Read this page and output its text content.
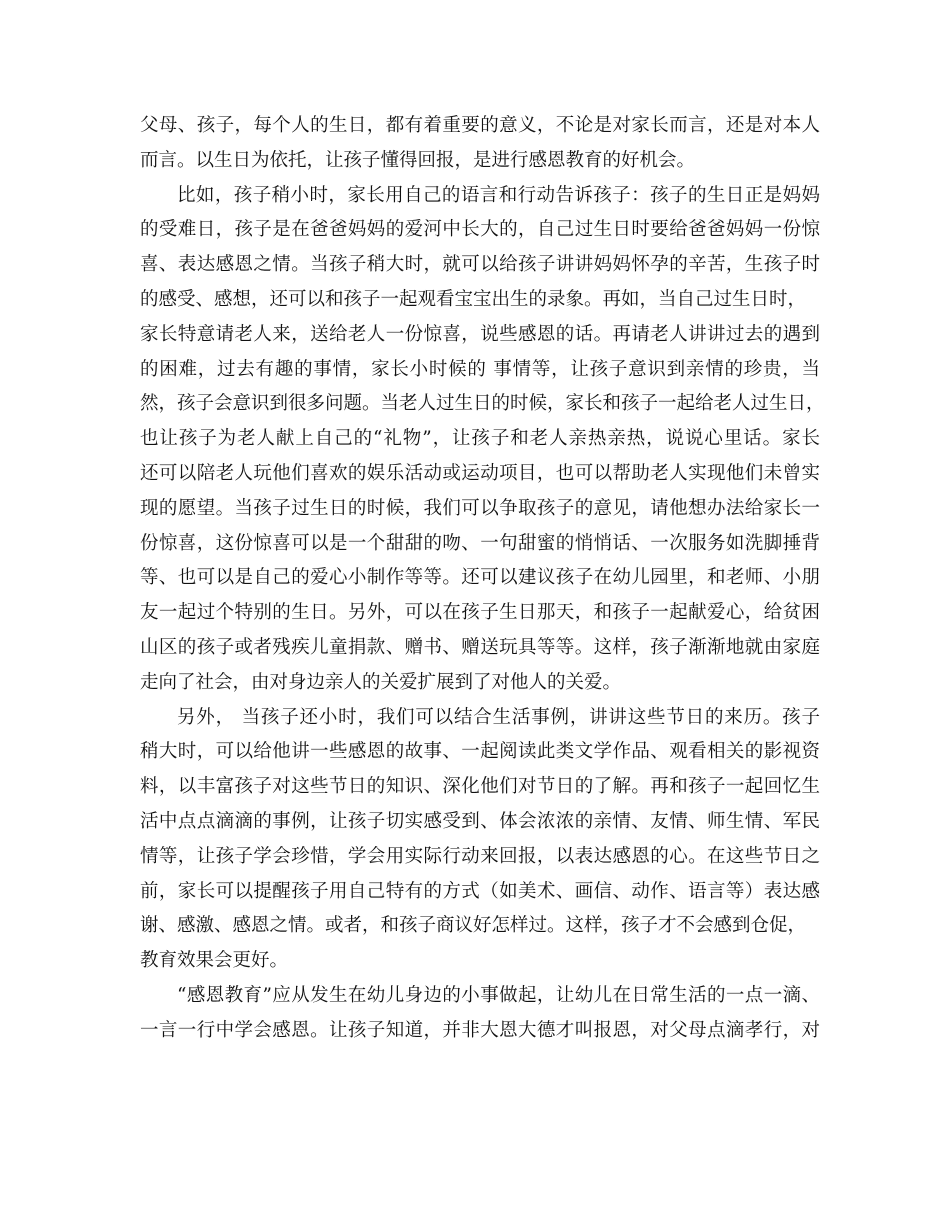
父母、孩子，每个人的生日，都有着重要的意义，不论是对家长而言，还是对本人
而言。以生日为依托，让孩子懂得回报，是进行感恩教育的好机会。
比如，孩子稍小时，家长用自己的语言和行动告诉孩子：孩子的生日正是妈妈
的受难日，孩子是在爸爸妈妈的爱河中长大的，自己过生日时要给爸爸妈妈一份惊
喜、表达感恩之情。当孩子稍大时，就可以给孩子讲讲妈妈怀孕的辛苦，生孩子时
的感受、感想，还可以和孩子一起观看宝宝出生的录象。再如，当自己过生日时，
家长特意请老人来，送给老人一份惊喜，说些感恩的话。再请老人讲讲过去的遇到
的困难，过去有趣的事情，家长小时候的 事情等，让孩子意识到亲情的珍贵，当
然，孩子会意识到很多问题。当老人过生日的时候，家长和孩子一起给老人过生日，
也让孩子为老人献上自己的“礼物”，让孩子和老人亲热亲热，说说心里话。家长
还可以陪老人玩他们喜欢的娱乐活动或运动项目，也可以帮助老人实现他们未曾实
现的愿望。当孩子过生日的时候，我们可以争取孩子的意见，请他想办法给家长一
份惊喜，这份惊喜可以是一个甜甜的吻、一句甜蜜的悄悄话、一次服务如洗脚捶背
等、也可以是自己的爱心小制作等等。还可以建议孩子在幼儿园里，和老师、小朋
友一起过个特别的生日。另外，可以在孩子生日那天，和孩子一起献爱心，给贫困
山区的孩子或者残疾儿童捐款、赠书、赠送玩具等等。这样，孩子渐渐地就由家庭
走向了社会，由对身边亲人的关爱扩展到了对他人的关爱。
另外， 当孩子还小时，我们可以结合生活事例，讲讲这些节日的来历。孩子
稍大时，可以给他讲一些感恩的故事、一起阅读此类文学作品、观看相关的影视资
料，以丰富孩子对这些节日的知识、深化他们对节日的了解。再和孩子一起回忆生
活中点点滴滴的事例，让孩子切实感受到、体会浓浓的亲情、友情、师生情、军民
情等，让孩子学会珍惜，学会用实际行动来回报，以表达感恩的心。在这些节日之
前，家长可以提醒孩子用自己特有的方式（如美术、画信、动作、语言等）表达感
谢、感激、感恩之情。或者，和孩子商议好怎样过。这样，孩子才不会感到仓促，
教育效果会更好。
“感恩教育”应从发生在幼儿身边的小事做起，让幼儿在日常生活的一点一滴、
一言一行中学会感恩。让孩子知道，并非大恩大德才叫报恩，对父母点滴孝行，对
